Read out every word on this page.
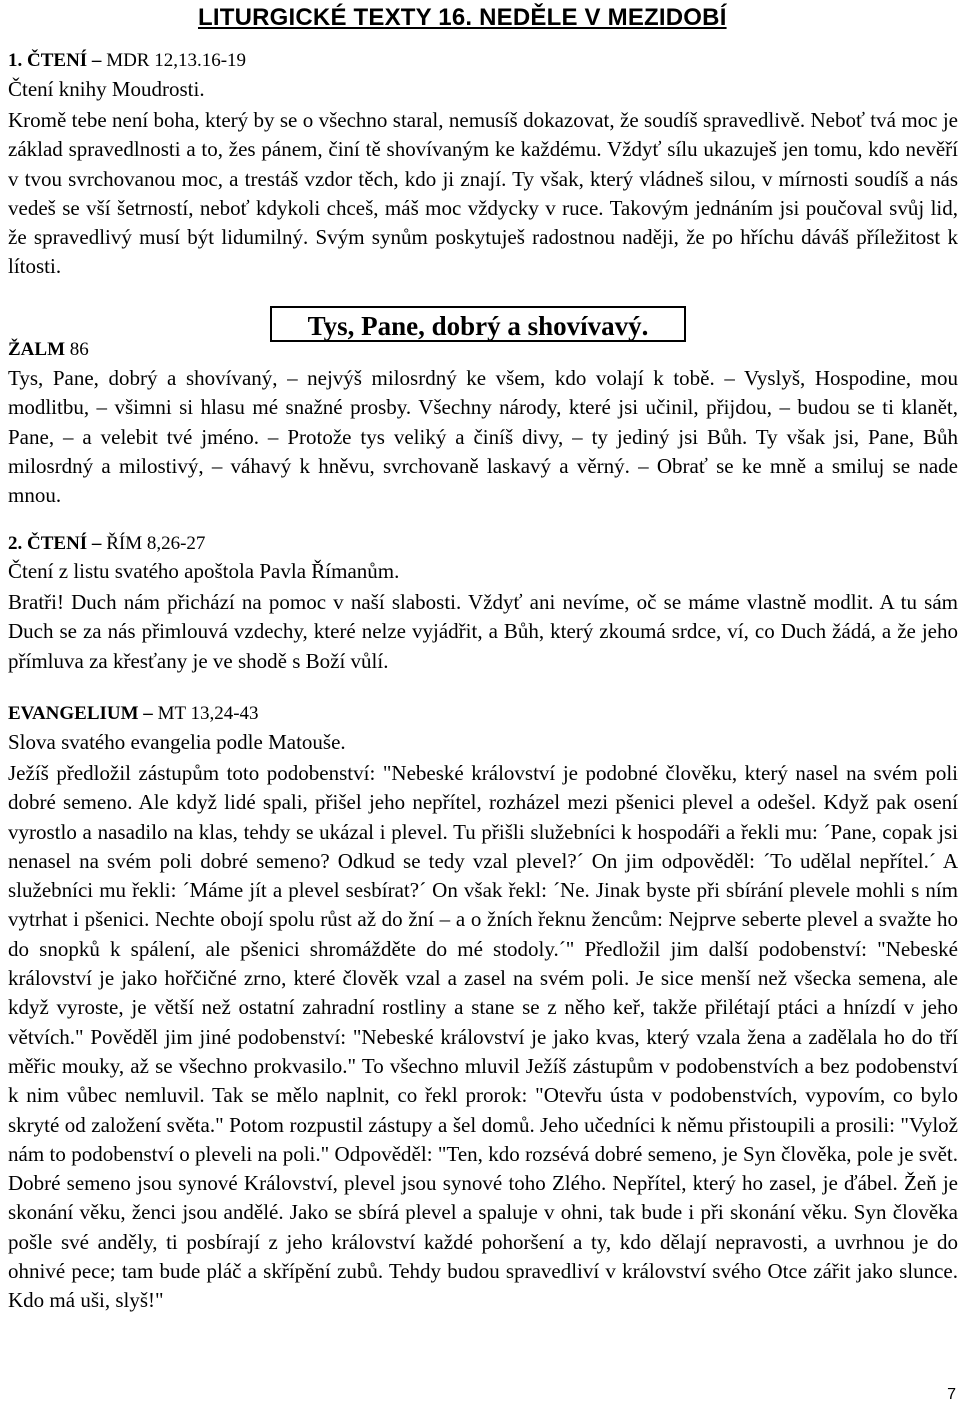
LITURGICKÉ TEXTY 16. NEDĚLE V MEZIDOBÍ
1. ČTENÍ – MDR 12,13.16-19
Čtení knihy Moudrosti.

Kromě tebe není boha, který by se o všechno staral, nemusíš dokazovat, že soudíš spravedlivě. Neboť tvá moc je základ spravedlnosti a to, žes pánem, činí tě shovívaným ke každému. Vždyť sílu ukazuješ jen tomu, kdo nevěří v tvou svrchovanou moc, a trestáš vzdor těch, kdo ji znají. Ty však, který vládneš silou, v mírnosti soudíš a nás vedeš se vší šetrností, neboť kdykoli chceš, máš moc vždycky v ruce. Takovým jednáním jsi poučoval svůj lid, že spravedlivý musí být lidumilný. Svým synům poskytuješ radostnou naději, že po hříchu dáváš příležitost k lítosti.

Tys, Pane, dobrý a shovívavý.
ŽALM 86

Tys, Pane, dobrý a shovívaný, – nejvýš milosrdný ke všem, kdo volají k tobě. – Vyslyš, Hospodine, mou modlitbu, – všimni si hlasu mé snažné prosby. Všechny národy, které jsi učinil, přijdou, – budou se ti klanět, Pane, – a velebit tvé jméno. – Protože tys veliký a činíš divy, – ty jediný jsi Bůh. Ty však jsi, Pane, Bůh milosrdný a milostivý, – váhavý k hněvu, svrchovaně laskavý a věrný. – Obrať se ke mně a smiluj se nade mnou.

2. ČTENÍ – ŘÍM 8,26-27
Čtení z listu svatého apoštola Pavla Římanům.

Bratři! Duch nám přichází na pomoc v naší slabosti. Vždyť ani nevíme, oč se máme vlastně modlit. A tu sám Duch se za nás přimlouvá vzdechy, které nelze vyjádřit, a Bůh, který zkoumá srdce, ví, co Duch žádá, a že jeho přímluva za křesťany je ve shodě s Boží vůlí.

EVANGELIUM – MT 13,24-43
Slova svatého evangelia podle Matouše.

Ježíš předložil zástupům toto podobenství: "Nebeské království je podobné člověku, který nasel na svém poli dobré semeno. Ale když lidé spali, přišel jeho nepřítel, rozházel mezi pšenici plevel a odešel. Když pak osení vyrostlo a nasadilo na klas, tehdy se ukázal i plevel. Tu přišli služebníci k hospodáři a řekli mu: ´Pane, copak jsi nenasel na svém poli dobré semeno? Odkud se tedy vzal plevel?´ On jim odpověděl: ´To udělal nepřítel.´ A služebníci mu řekli: ´Máme jít a plevel sesbírat?´ On však řekl: ´Ne. Jinak byste při sbírání plevele mohli s ním vytrhat i pšenici. Nechte obojí spolu růst až do žní – a o žních řeknu žencům: Nejprve seberte plevel a svažte ho do snopků k spálení, ale pšenici shromážděte do mé stodoly.´" Předložil jim další podobenství: "Nebeské království je jako hořčičné zrno, které člověk vzal a zasel na svém poli. Je sice menší než všecka semena, ale když vyroste, je větší než ostatní zahradní rostliny a stane se z něho keř, takže přilétají ptáci a hnízdí v jeho větvích." Pověděl jim jiné podobenství: "Nebeské království je jako kvas, který vzala žena a zadělala ho do tří měřic mouky, až se všechno prokvasilo." To všechno mluvil Ježíš zástupům v podobenstvích a bez podobenství k nim vůbec nemluvil. Tak se mělo naplnit, co řekl prorok: "Otevřu ústa v podobenstvích, vypovím, co bylo skryté od založení světa." Potom rozpustil zástupy a šel domů. Jeho učedníci k němu přistoupili a prosili: "Vylož nám to podobenství o pleveli na poli." Odpověděl: "Ten, kdo rozsévá dobré semeno, je Syn člověka, pole je svět. Dobré semeno jsou synové Království, plevel jsou synové toho Zlého. Nepřítel, který ho zasel, je ďábel. Žeň je skonání věku, ženci jsou andělé. Jako se sbírá plevel a spaluje v ohni, tak bude i při skonání věku. Syn člověka pošle své anděly, ti posbírají z jeho království každé pohoršení a ty, kdo dělají nepravosti, a uvrhnou je do ohnivé pece; tam bude pláč a skřípění zubů. Tehdy budou spravedliví v království svého Otce zářit jako slunce. Kdo má uši, slyš!"

7
